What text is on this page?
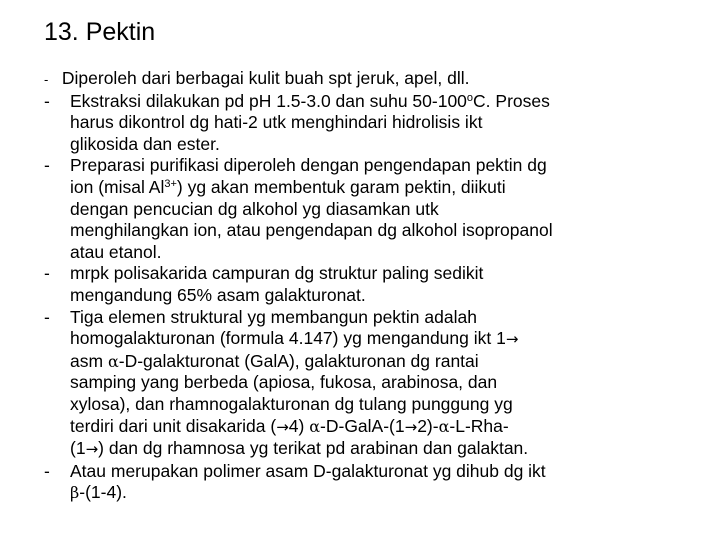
13. Pektin

- Diperoleh dari berbagai kulit buah spt jeruk, apel, dll.

- Ekstraksi dilakukan pd pH 1.5-3.0 dan suhu 50-100$^o$C. Proses
harus dikontrol dg hati-2 utk menghindari hidrolisis ikt
glikosida dan ester.

- Preparasi purifikasi diperoleh dengan pengendapan pektin dg
ion (misal $Al^{3+}$) yg akan membentuk garam pektin, diikuti
dengan pencucian dg alkohol yg diasamkan utk
menghilangkan ion, atau pengendapan dg alkohol isopropanol
atau etanol.

- mrpk polisakarida campuran dg struktur paling sedikit
mengandung 65% asam galakturonat.

- Tiga elemen struktural yg membangun pektin adalah
homogalakturonan (formula 4.147) yg mengandung ikt 1→
asm α-D-galakturonat (GalA), galakturonan dg rantai
samping yang berbeda (apiosa, fukosa, arabinosa, dan
xylosa), dan rhamnogalakturonan dg tulang punggung yg
terdiri dari unit disakarida (→4) α-D-GalA-(1→2)-α-L-Rha-
(1→) dan dg rhamnosa yg terikat pd arabinan dan galaktan.

- Atau merupakan polimer asam D-galakturonat yg dihub dg ikt
β-(1-4).
